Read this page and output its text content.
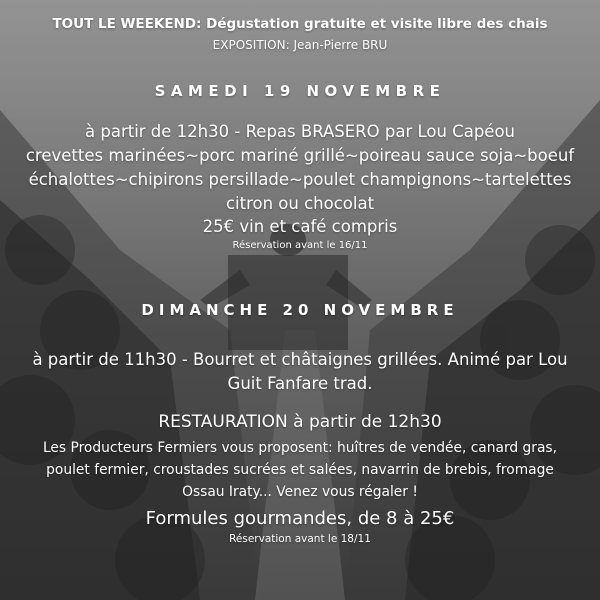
TOUT LE WEEKEND: Dégustation gratuite et visite libre des chais
EXPOSITION: Jean-Pierre BRU
SAMEDI 19 NOVEMBRE
à partir de 12h30 - Repas BRASERO par Lou Capéou
crevettes marinées~porc mariné grillé~poireau sauce soja~boeuf
échalottes~chipirons persillade~poulet champignons~tartelettes
citron ou chocolat
25€ vin et café compris
Réservation avant le 16/11
DIMANCHE 20 NOVEMBRE
à partir de 11h30 - Bourret et châtaignes grillées. Animé par Lou
Guit Fanfare trad.
RESTAURATION à partir de 12h30
Les Producteurs Fermiers vous proposent: huîtres de vendée, canard gras,
poulet fermier, croustades sucrées et salées, navarrin de brebis, fromage
Ossau Iraty... Venez vous régaler !
Formules gourmandes, de 8 à 25€
Réservation avant le 18/11
